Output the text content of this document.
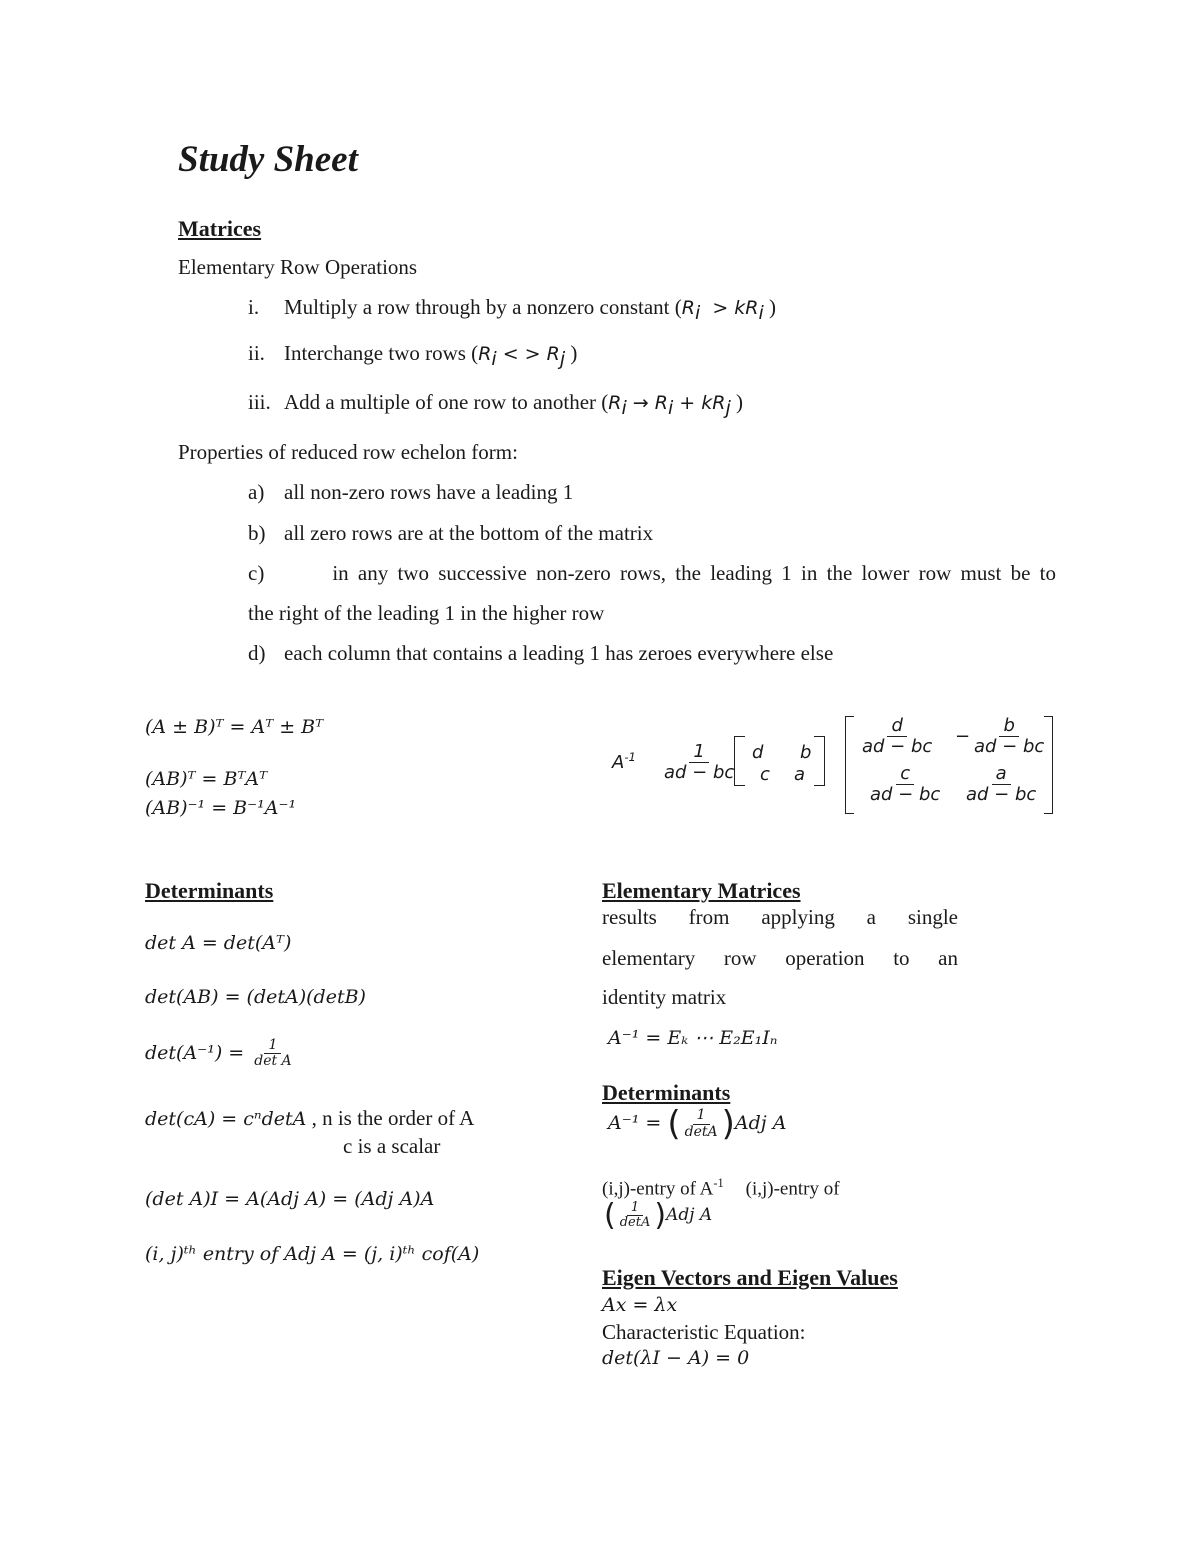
Study Sheet
Matrices
Elementary Row Operations
i. Multiply a row through by a nonzero constant ($R_i > kR_i$ )
ii. Interchange two rows ($R_i$ < > $R_j$ )
iii. Add a multiple of one row to another ($R_i \to R_i + kR_j$ )
Properties of reduced row echelon form:
a) all non-zero rows have a leading 1
b) all zero rows are at the bottom of the matrix
c)	in any two successive non-zero rows, the leading 1 in the lower row must be to
the right of the leading 1 in the higher row
d) each column that contains a leading 1 has zeroes everywhere else
(A ± B)ᵀ = Aᵀ ± Bᵀ
(AB)ᵀ = BᵀAᵀ
(AB)⁻¹ = B⁻¹A⁻¹
$A^{-1} \frac{1}{ad - bc}$ d b
c a
$\frac{d}{ad - bc} - \frac{b}{ad - bc}$
$\frac{c}{ad - bc} \frac{a}{ad - bc}$
Determinants
det A = det(Aᵀ)
det(AB) = (detA)(detB)
$\det(A^{-1}) = \frac{1}{\text{det A}}$
det(cA) = cⁿdetA , n is the order of A
c is a scalar
(det A)I = A(Adj A) = (Adj A)A
(i, j)ᵗʰ entry of Adj A = (j, i)ᵗʰ cof(A)
Elementary Matrices
results from applying a single
elementary row operation to an
identity matrix
A⁻¹ = Eₖ ⋯ E₂E₁Iₙ
Determinants
A⁻¹ = ( $\frac{1}{\det A} )Adj$ A
(i,j)-entry of $A^{-1}$ (i,j)-entry of
( $\frac{1}{\det A} )Adj$ A
Eigen Vectors and Eigen Values
Ax = λx
Characteristic Equation:
det(λI − A) = 0
